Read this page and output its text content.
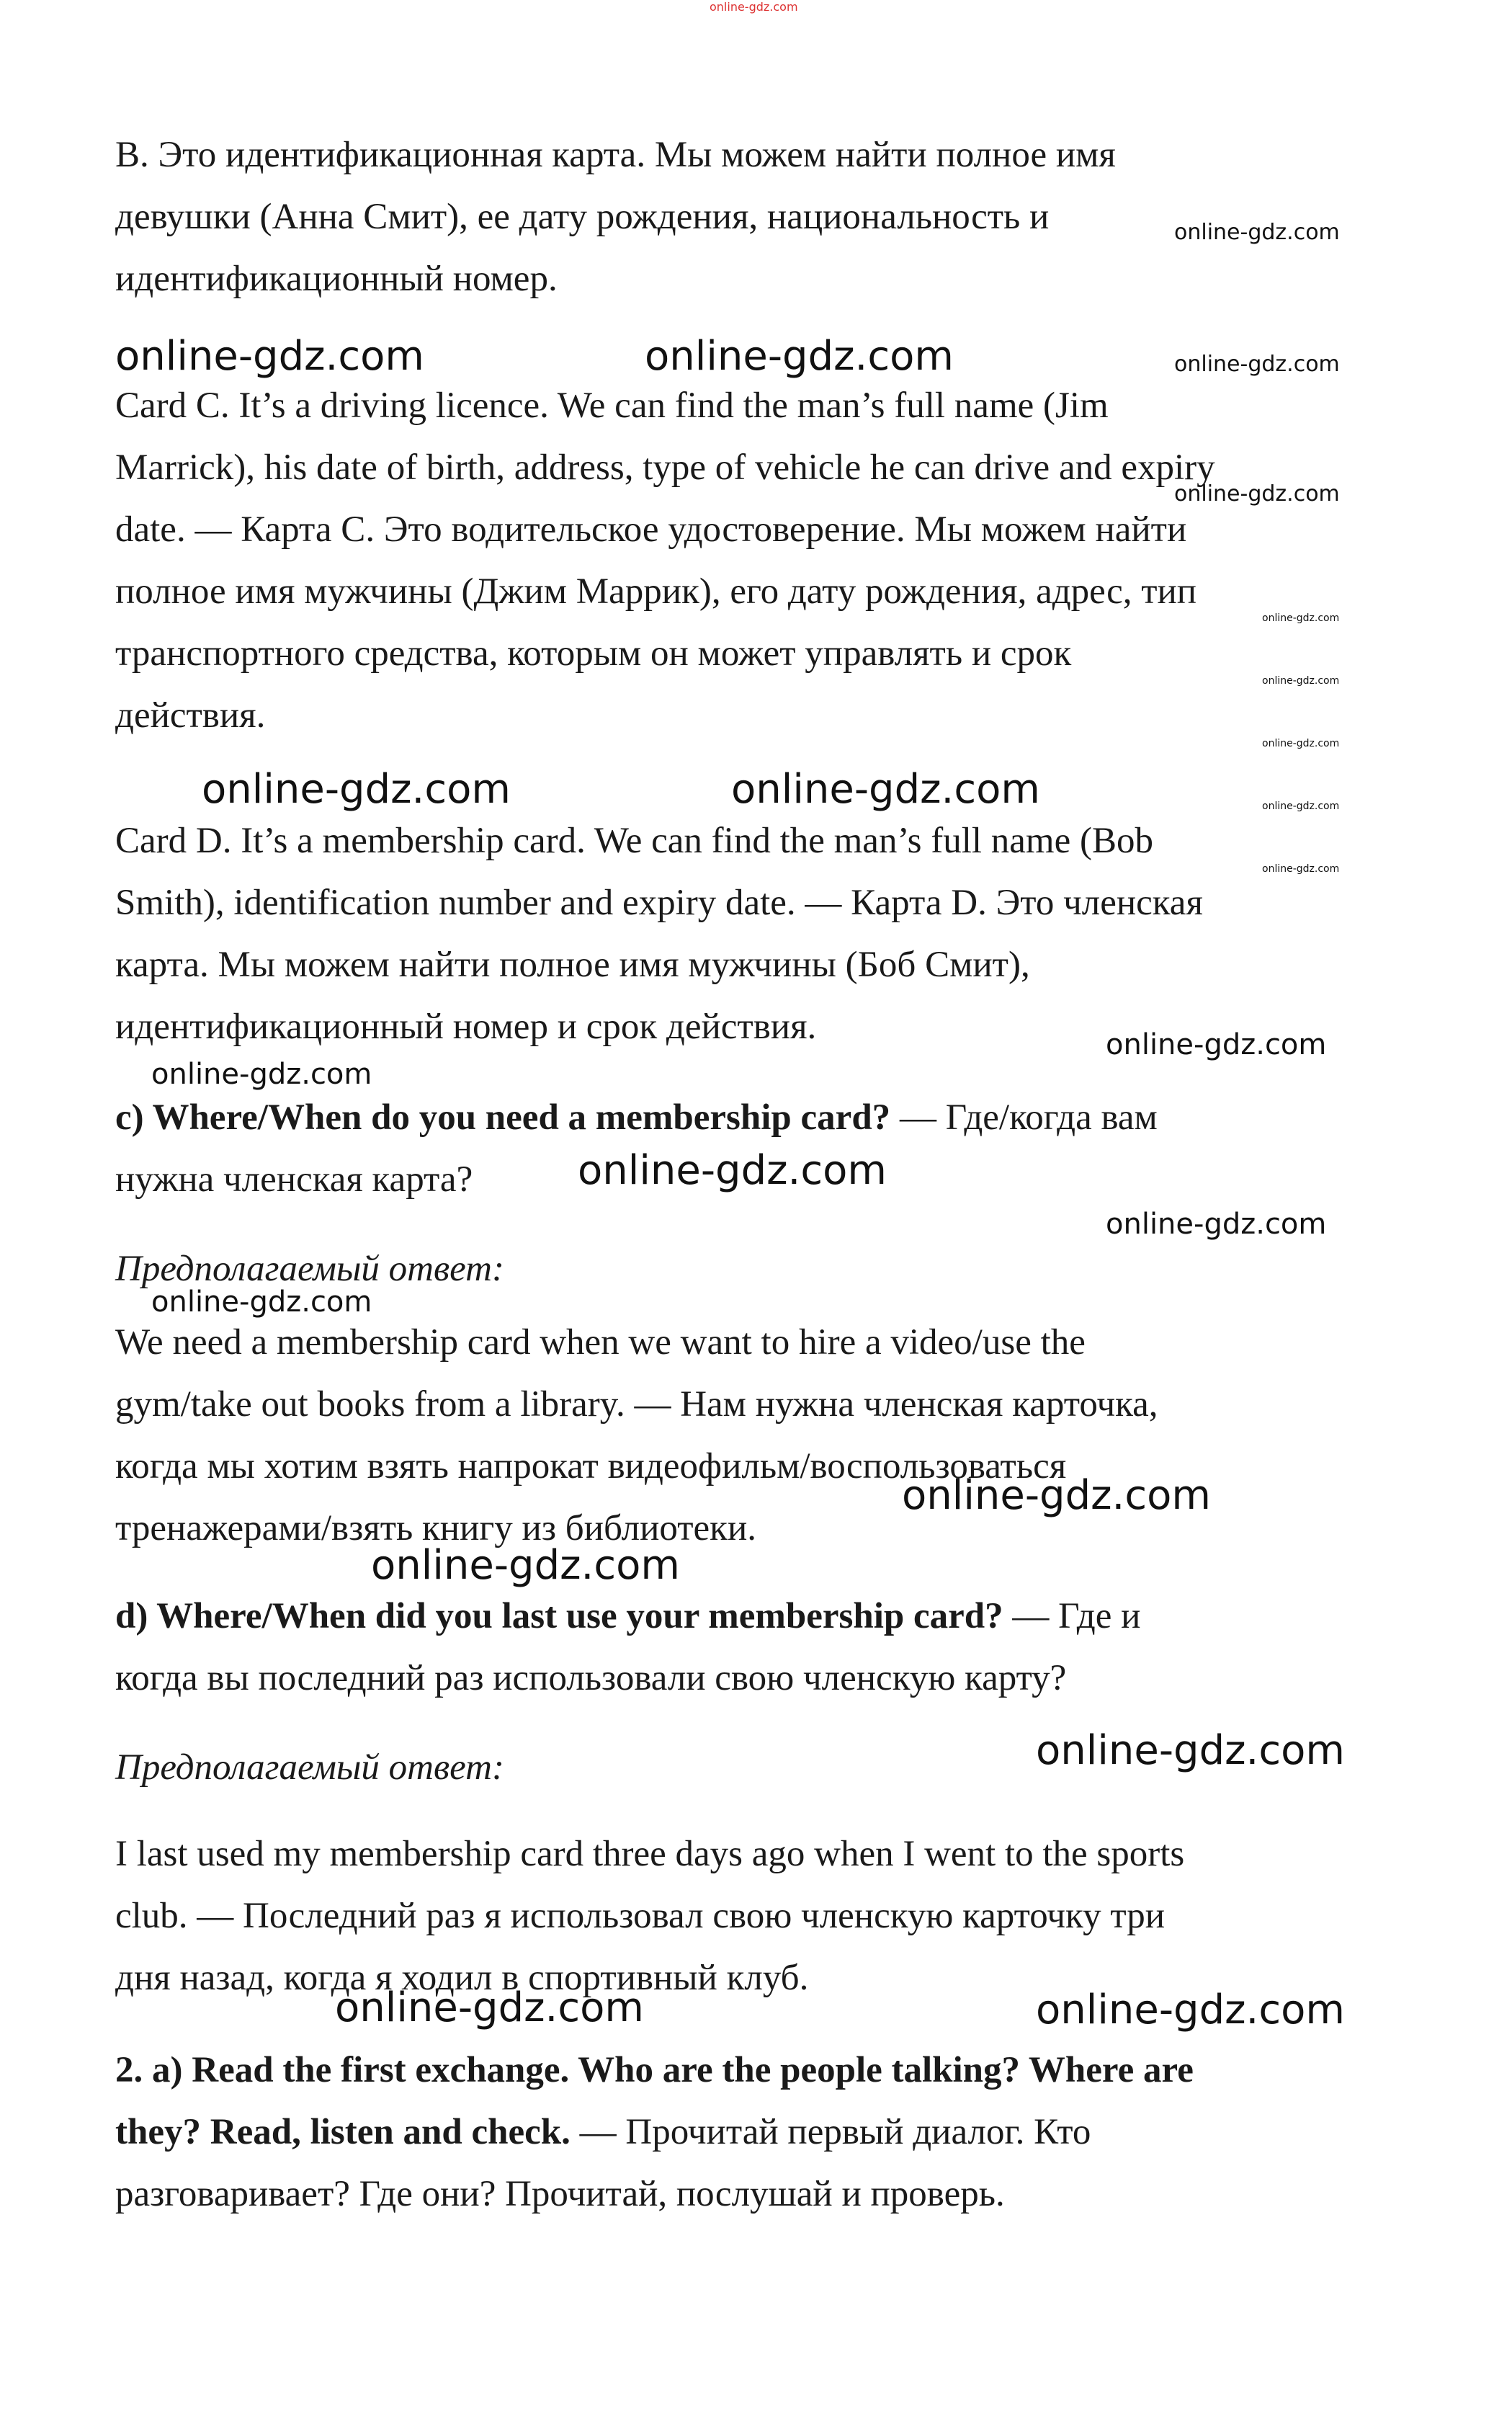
online-gdz.com
B. Это идентификационная карта. Мы можем найти полное имя
девушки (Анна Смит), ее дату рождения, национальность и
идентификационный номер.
Card C. It’s a driving licence. We can find the man’s full name (Jim
Marrick), his date of birth, address, type of vehicle he can drive and expiry
date. — Карта С. Это водительское удостоверение. Мы можем найти
полное имя мужчины (Джим Маррик), его дату рождения, адрес, тип
транспортного средства, которым он может управлять и срок
действия.
Card D. It’s a membership card. We can find the man’s full name (Bob
Smith), identification number and expiry date. — Карта D. Это членская
карта. Мы можем найти полное имя мужчины (Боб Смит),
идентификационный номер и срок действия.
c) Where/When do you need a membership card? — Где/когда вам
нужна членская карта?
Предполагаемый ответ:
We need a membership card when we want to hire a video/use the
gym/take out books from a library. — Нам нужна членская карточка,
когда мы хотим взять напрокат видеофильм/воспользоваться
тренажерами/взять книгу из библиотеки.
d) Where/When did you last use your membership card? — Где и
когда вы последний раз использовали свою членскую карту?
Предполагаемый ответ:
I last used my membership card three days ago when I went to the sports
club. — Последний раз я использовал свою членскую карточку три
дня назад, когда я ходил в спортивный клуб.
2. a) Read the first exchange. Who are the people talking? Where are
they? Read, listen and check. — Прочитай первый диалог. Кто
разговаривает? Где они? Прочитай, послушай и проверь.
online-gdz.com
online-gdz.com	online-gdz.com	online-gdz.com
online-gdz.com
online-gdz.com
online-gdz.com
online-gdz.com
online-gdz.com	online-gdz.com	online-gdz.com
online-gdz.com
online-gdz.com
online-gdz.com
online-gdz.com
online-gdz.com
online-gdz.com
online-gdz.com
online-gdz.com
online-gdz.com
online-gdz.com	online-gdz.com
